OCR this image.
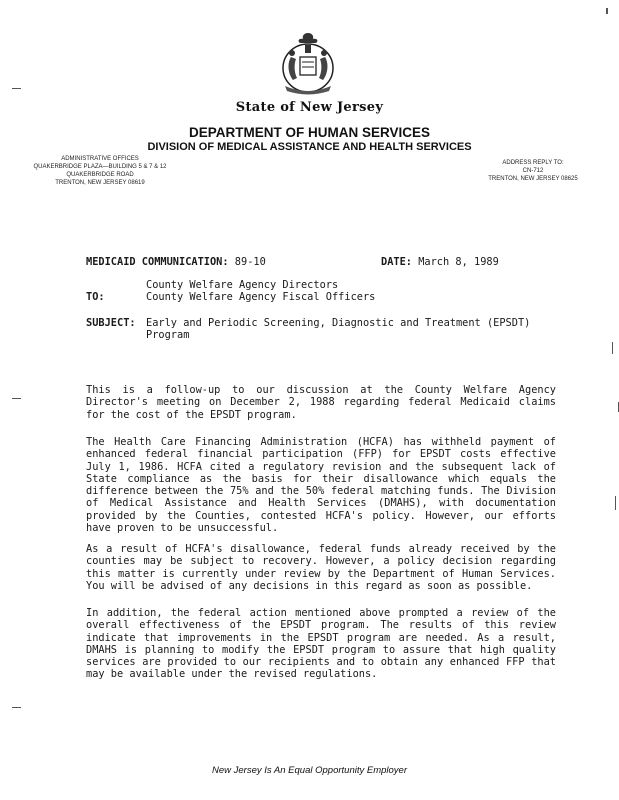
State of New Jersey
DEPARTMENT OF HUMAN SERVICES
DIVISION OF MEDICAL ASSISTANCE AND HEALTH SERVICES
ADMINISTRATIVE OFFICES
QUAKERBRIDGE PLAZA—BUILDING 5 & 7 & 12
QUAKERBRIDGE ROAD
TRENTON, NEW JERSEY 08619
ADDRESS REPLY TO:
CN-712
TRENTON, NEW JERSEY 08625
MEDICAID COMMUNICATION: 89-10	DATE: March 8, 1989
TO:
County Welfare Agency Directors
County Welfare Agency Fiscal Officers
SUBJECT: Early and Periodic Screening, Diagnostic and Treatment (EPSDT) Program
This is a follow-up to our discussion at the County Welfare Agency Director's meeting on December 2, 1988 regarding federal Medicaid claims for the cost of the EPSDT program.
The Health Care Financing Administration (HCFA) has withheld payment of enhanced federal financial participation (FFP) for EPSDT costs effective July 1, 1986. HCFA cited a regulatory revision and the subsequent lack of State compliance as the basis for their disallowance which equals the difference between the 75% and the 50% federal matching funds. The Division of Medical Assistance and Health Services (DMAHS), with documentation provided by the Counties, contested HCFA's policy. However, our efforts have proven to be unsuccessful.
As a result of HCFA's disallowance, federal funds already received by the counties may be subject to recovery. However, a policy decision regarding this matter is currently under review by the Department of Human Services. You will be advised of any decisions in this regard as soon as possible.
In addition, the federal action mentioned above prompted a review of the overall effectiveness of the EPSDT program. The results of this review indicate that improvements in the EPSDT program are needed. As a result, DMAHS is planning to modify the EPSDT program to assure that high quality services are provided to our recipients and to obtain any enhanced FFP that may be available under the revised regulations.
New Jersey Is An Equal Opportunity Employer
